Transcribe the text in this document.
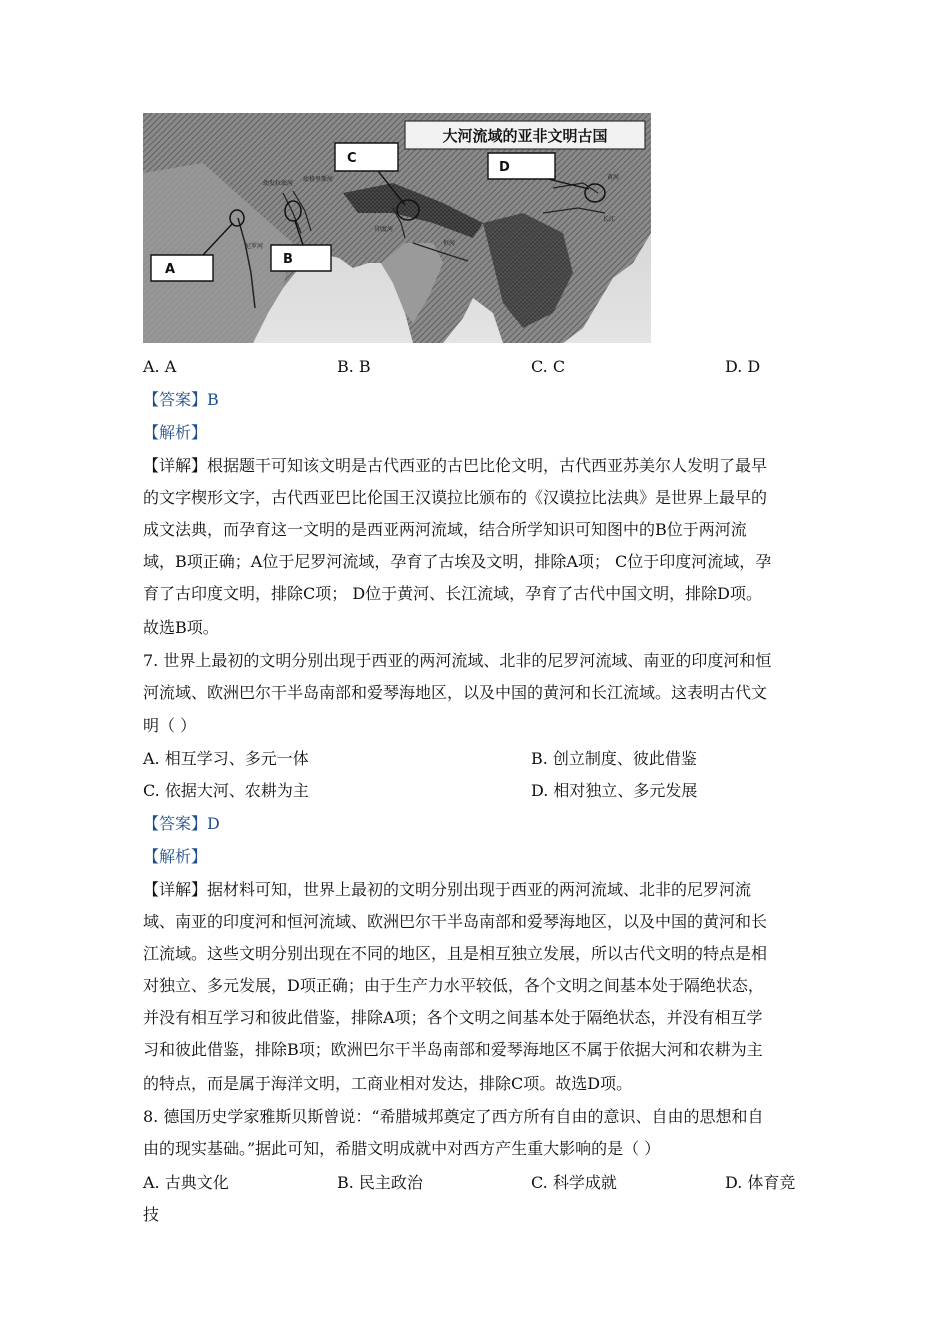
大河流域的亚非文明古国
A
B
C
D
幼发拉底河
底格里斯河
尼罗河
印度河
恒河
黄河
长江
A. A	B. B	C. C	D. D
【答案】B
【解析】
【详解】根据题干可知该文明是古代西亚的古巴比伦文明，古代西亚苏美尔人发明了最早
的文字楔形文字，古代西亚巴比伦国王汉谟拉比颁布的《汉谟拉比法典》是世界上最早的
成文法典，而孕育这一文明的是西亚两河流域，结合所学知识可知图中的B位于两河流
域，B项正确；A位于尼罗河流域，孕育了古埃及文明，排除A项； C位于印度河流域，孕
育了古印度文明，排除C项； D位于黄河、长江流域，孕育了古代中国文明，排除D项。
故选B项。
7. 世界上最初的文明分别出现于西亚的两河流域、北非的尼罗河流域、南亚的印度河和恒
河流域、欧洲巴尔干半岛南部和爱琴海地区，以及中国的黄河和长江流域。这表明古代文
明（ ）
A. 相互学习、多元一体	B. 创立制度、彼此借鉴
C. 依据大河、农耕为主	D. 相对独立、多元发展
【答案】D
【解析】
【详解】据材料可知，世界上最初的文明分别出现于西亚的两河流域、北非的尼罗河流
域、南亚的印度河和恒河流域、欧洲巴尔干半岛南部和爱琴海地区，以及中国的黄河和长
江流域。这些文明分别出现在不同的地区，且是相互独立发展，所以古代文明的特点是相
对独立、多元发展，D项正确；由于生产力水平较低，各个文明之间基本处于隔绝状态，
并没有相互学习和彼此借鉴，排除A项；各个文明之间基本处于隔绝状态，并没有相互学
习和彼此借鉴，排除B项；欧洲巴尔干半岛南部和爱琴海地区不属于依据大河和农耕为主
的特点，而是属于海洋文明，工商业相对发达，排除C项。故选D项。
8. 德国历史学家雅斯贝斯曾说：“希腊城邦奠定了西方所有自由的意识、自由的思想和自
由的现实基础。”据此可知，希腊文明成就中对西方产生重大影响的是（ ）
A. 古典文化	B. 民主政治	C. 科学成就	D. 体育竞
技
